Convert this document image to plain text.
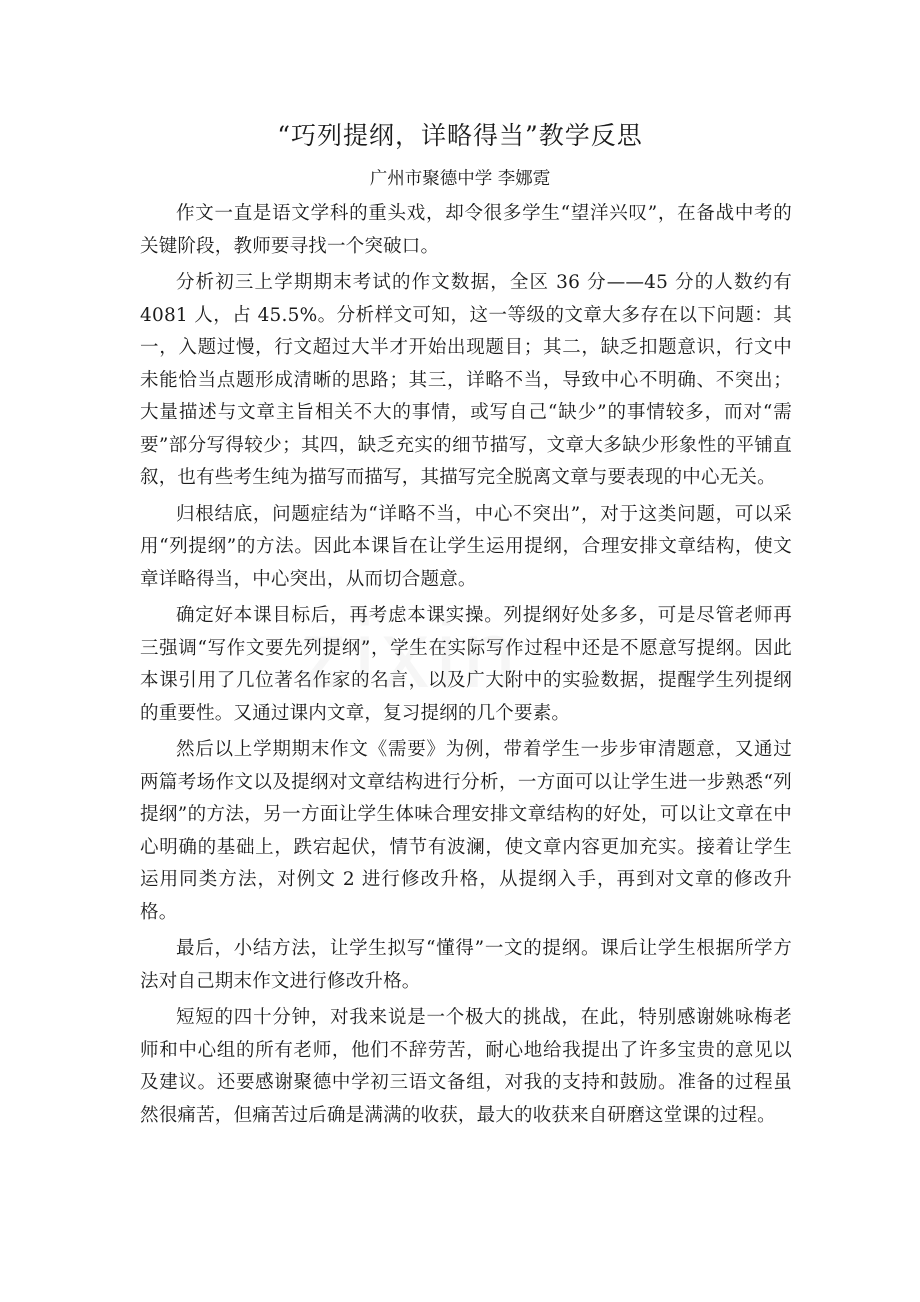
“巧列提纲，详略得当”教学反思

广州市聚德中学 李娜霓

作文一直是语文学科的重头戏，却令很多学生“望洋兴叹”，在备战中考的关键阶段，教师要寻找一个突破口。

分析初三上学期期末考试的作文数据，全区 36 分——45 分的人数约有 4081 人，占 45.5%。分析样文可知，这一等级的文章大多存在以下问题：其一，入题过慢，行文超过大半才开始出现题目；其二，缺乏扣题意识，行文中未能恰当点题形成清晰的思路；其三，详略不当，导致中心不明确、不突出；大量描述与文章主旨相关不大的事情，或写自己“缺少”的事情较多，而对“需要”部分写得较少；其四，缺乏充实的细节描写，文章大多缺少形象性的平铺直叙，也有些考生纯为描写而描写，其描写完全脱离文章与要表现的中心无关。

归根结底，问题症结为“详略不当，中心不突出”，对于这类问题，可以采用“列提纲”的方法。因此本课旨在让学生运用提纲，合理安排文章结构，使文章详略得当，中心突出，从而切合题意。

确定好本课目标后，再考虑本课实操。列提纲好处多多，可是尽管老师再三强调“写作文要先列提纲”，学生在实际写作过程中还是不愿意写提纲。因此本课引用了几位著名作家的名言，以及广大附中的实验数据，提醒学生列提纲的重要性。又通过课内文章，复习提纲的几个要素。

然后以上学期期末作文《需要》为例，带着学生一步步审清题意，又通过两篇考场作文以及提纲对文章结构进行分析，一方面可以让学生进一步熟悉“列提纲”的方法，另一方面让学生体味合理安排文章结构的好处，可以让文章在中心明确的基础上，跌宕起伏，情节有波澜，使文章内容更加充实。接着让学生运用同类方法，对例文 2 进行修改升格，从提纲入手，再到对文章的修改升格。

最后，小结方法，让学生拟写“懂得”一文的提纲。课后让学生根据所学方法对自己期末作文进行修改升格。

短短的四十分钟，对我来说是一个极大的挑战，在此，特别感谢姚咏梅老师和中心组的所有老师，他们不辞劳苦，耐心地给我提出了许多宝贵的意见以及建议。还要感谢聚德中学初三语文备组，对我的支持和鼓励。准备的过程虽然很痛苦，但痛苦过后确是满满的收获，最大的收获来自研磨这堂课的过程。
